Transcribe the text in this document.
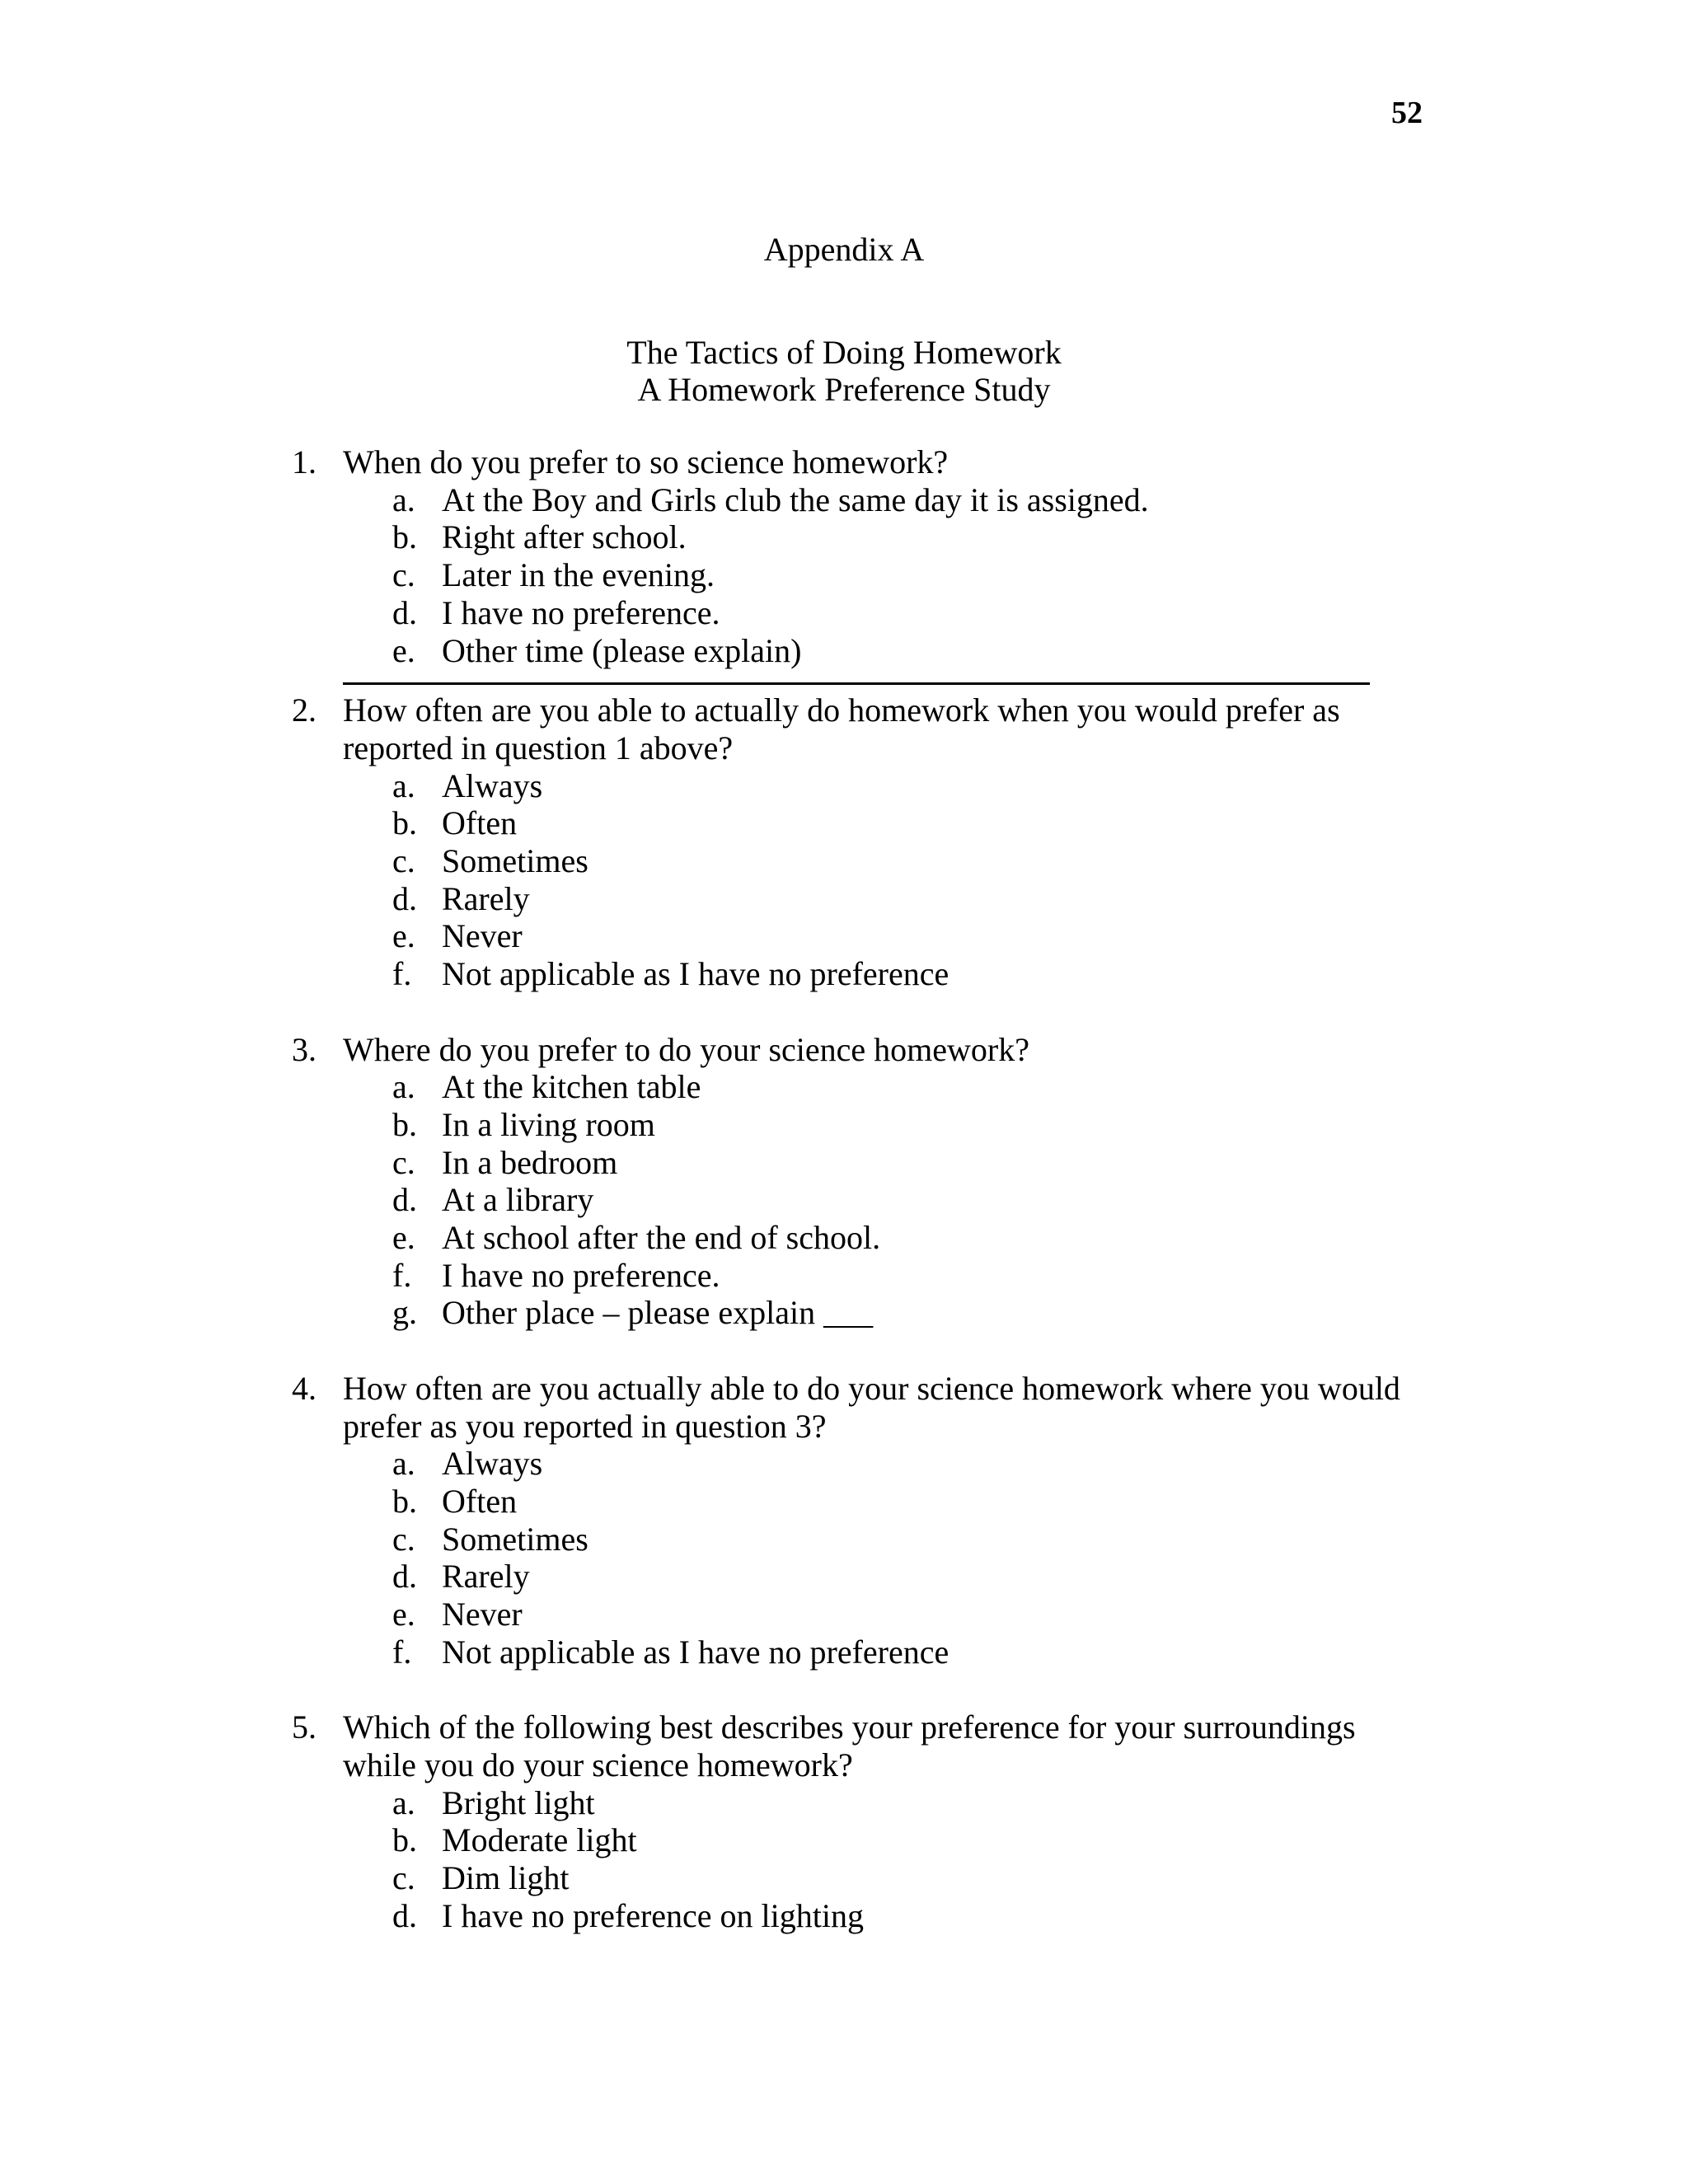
52
Appendix A
The Tactics of Doing Homework
A Homework Preference Study
1. When do you prefer to so science homework?
a. At the Boy and Girls club the same day it is assigned.
b. Right after school.
c. Later in the evening.
d. I have no preference.
e. Other time (please explain)
2. How often are you able to actually do homework when you would prefer as reported in question 1 above?
a. Always
b. Often
c. Sometimes
d. Rarely
e. Never
f. Not applicable as I have no preference
3. Where do you prefer to do your science homework?
a. At the kitchen table
b. In a living room
c. In a bedroom
d. At a library
e. At school after the end of school.
f. I have no preference.
g. Other place – please explain ___
4. How often are you actually able to do your science homework where you would prefer as you reported in question 3?
a. Always
b. Often
c. Sometimes
d. Rarely
e. Never
f. Not applicable as I have no preference
5. Which of the following best describes your preference for your surroundings while you do your science homework?
a. Bright light
b. Moderate light
c. Dim light
d. I have no preference on lighting
